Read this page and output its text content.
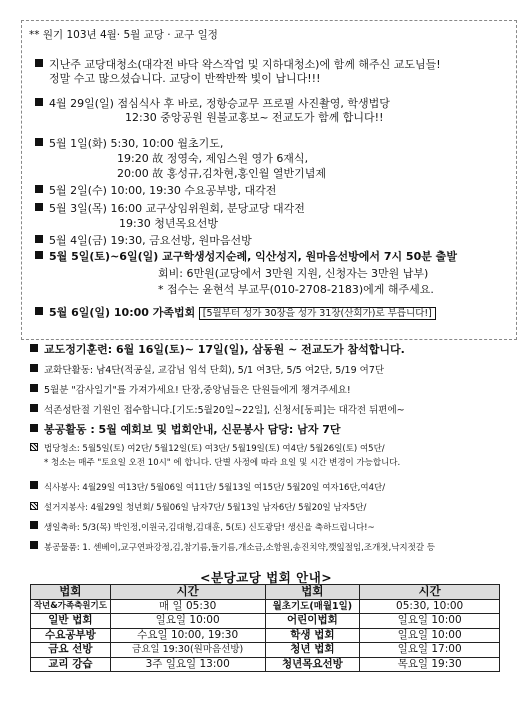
** 원기 103년 4월· 5월 교당 · 교구 일정
지난주 교당대청소(대각전 바닥 왁스작업 및 지하대청소)에 함께 해주신 교도님들!
정말 수고 많으셨습니다. 교당이 반짝반짝 빛이 납니다!!!
4월 29일(일) 점심식사 후 바로, 정항승교무 프로필 사진촬영, 학생법당
12:30 중앙공원 원불교홍보~ 전교도가 함께 합니다!!
5월 1일(화) 5:30, 10:00 월초기도,
19:20 故 정영숙, 제임스원 영가 6재식,
20:00 故 홍성규,김차현,홍인월 열반기념제
5월 2일(수) 10:00, 19:30 수요공부방, 대각전
5월 3일(목) 16:00 교구상임위원회, 분당교당 대각전
19:30 청년목요선방
5월 4일(금) 19:30, 금요선방, 원마음선방
5월 5일(토)~6일(일) 교구학생성지순례, 익산성지, 원마음선방에서 7시 50분 출발
회비: 6만원(교당에서 3만원 지원, 신청자는 3만원 납부)
* 접수는 윤현석 부교무(010-2708-2183)에게 해주세요.
5월 6일(일) 10:00 가족법회 [5월부터 성가 30장을 성가 31장(산회가)로 부릅니다!]
교도정기훈련: 6월 16일(토)~ 17일(일), 삼동원 ~ 전교도가 참석합니다.
교화단활동: 남4단(적공실, 교감님 임석 단회), 5/1 여3단, 5/5 여2단, 5/19 여7단
5월분 "감사일기"를 가져가세요! 단장,중앙님들은 단원들에게 챙겨주세요!
석존성탄절 기원인 접수합니다.[기도:5월20일~22일], 신청서[동피]는 대각전 뒤편에~
봉공활동 : 5월 예회보 및 법회안내, 신문봉사 담당: 남자 7단
법당청소: 5월5일(토) 여2단/ 5월12일(토) 여3단/ 5월19일(토) 여4단/ 5월26일(토) 여5단/
* 청소는 매주 "토요일 오전 10시" 에 합니다. 단별 사정에 따라 요일 및 시간 변경이 가능합니다.
식사봉사: 4월29일 여13단/ 5월06일 여11단/ 5월13일 여15단/ 5월20일 여자16단,여4단/
설거지봉사: 4월29일 청년회/ 5월06일 남자7단/ 5월13일 남자6단/ 5월20일 남자5단/
생일축하: 5/3(목) 박인정,이원국,김대형,김대훈, 5(토) 신도광담! 생신을 축하드립니다!~
봉공물품: 1. 센베이,교구연파강정,김,참기름,들기름,개소금,소함원,송진치약,깻잎절임,조개젓,낙지젓갈 등
<분당교당 법회 안내>
법회	시간	법회	시간
작년&가족축원기도	매 일 05:30	월초기도(매월1일)	05:30, 10:00
일반 법회	일요일 10:00	어린이법회	일요일 10:00
수요공부방	수요일 10:00, 19:30	학생 법회	일요일 10:00
금요 선방	금요일 19:30(원마음선방)	청년 법회	일요일 17:00
교리 강습	3주 일요일 13:00	청년목요선방	목요일 19:30
